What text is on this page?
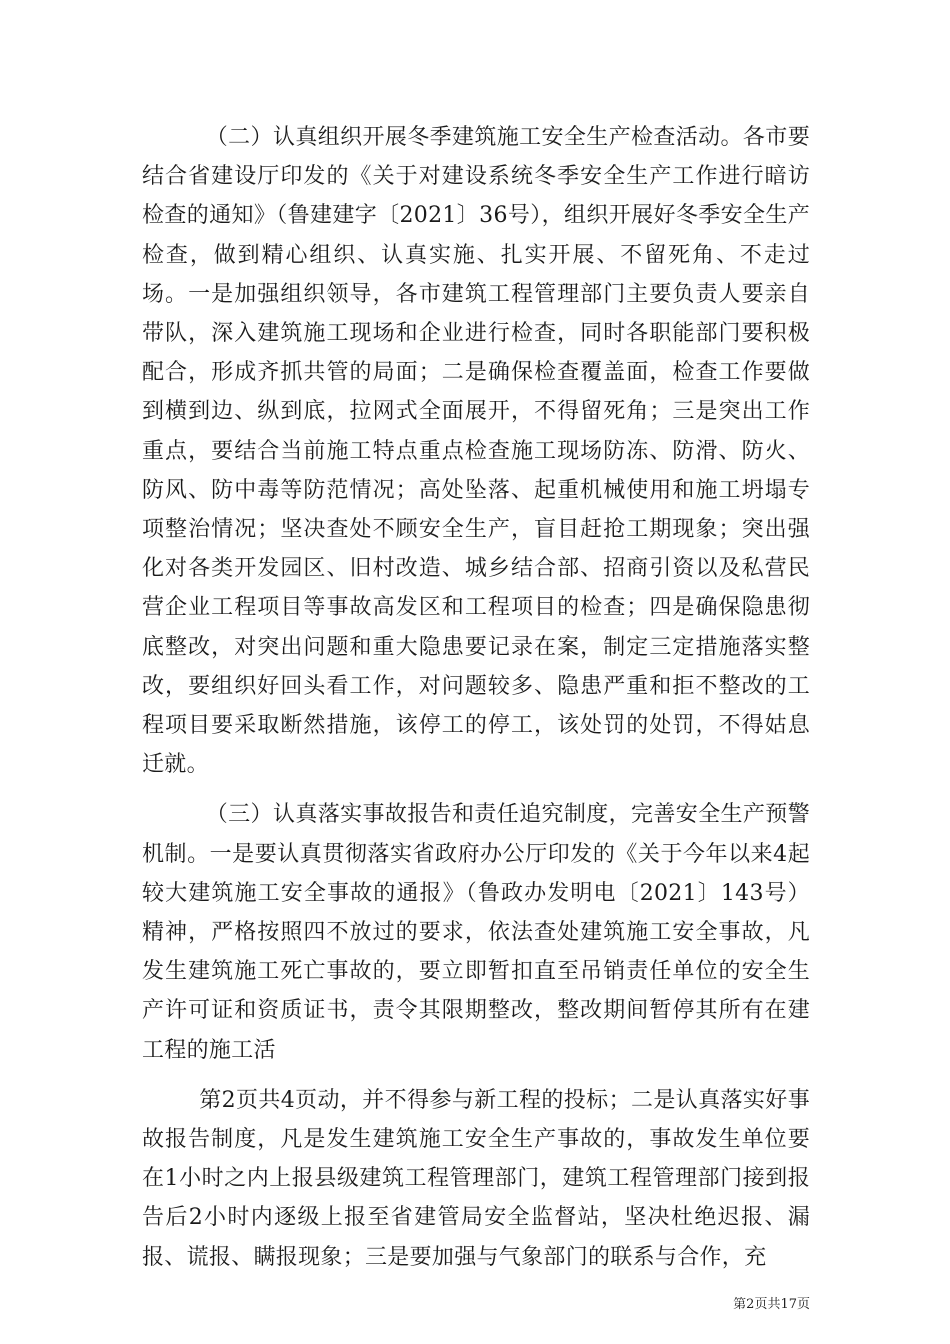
（二）认真组织开展冬季建筑施工安全生产检查活动。各市要结合省建设厅印发的《关于对建设系统冬季安全生产工作进行暗访检查的通知》（鲁建建字〔2021〕36号），组织开展好冬季安全生产检查，做到精心组织、认真实施、扎实开展、不留死角、不走过场。一是加强组织领导，各市建筑工程管理部门主要负责人要亲自带队，深入建筑施工现场和企业进行检查，同时各职能部门要积极配合，形成齐抓共管的局面；二是确保检查覆盖面，检查工作要做到横到边、纵到底，拉网式全面展开，不得留死角；三是突出工作重点，要结合当前施工特点重点检查施工现场防冻、防滑、防火、防风、防中毒等防范情况；高处坠落、起重机械使用和施工坍塌专项整治情况；坚决查处不顾安全生产，盲目赶抢工期现象；突出强化对各类开发园区、旧村改造、城乡结合部、招商引资以及私营民营企业工程项目等事故高发区和工程项目的检查；四是确保隐患彻底整改，对突出问题和重大隐患要记录在案，制定三定措施落实整改，要组织好回头看工作，对问题较多、隐患严重和拒不整改的工程项目要采取断然措施，该停工的停工，该处罚的处罚，不得姑息迁就。

（三）认真落实事故报告和责任追究制度，完善安全生产预警机制。一是要认真贯彻落实省政府办公厅印发的《关于今年以来4起较大建筑施工安全事故的通报》（鲁政办发明电〔2021〕143号）精神，严格按照四不放过的要求，依法查处建筑施工安全事故，凡发生建筑施工死亡事故的，要立即暂扣直至吊销责任单位的安全生产许可证和资质证书，责令其限期整改，整改期间暂停其所有在建工程的施工活

第2页共4页动，并不得参与新工程的投标；二是认真落实好事故报告制度，凡是发生建筑施工安全生产事故的，事故发生单位要在1小时之内上报县级建筑工程管理部门，建筑工程管理部门接到报告后2小时内逐级上报至省建管局安全监督站，坚决杜绝迟报、漏报、谎报、瞒报现象；三是要加强与气象部门的联系与合作，充

第2页共17页
